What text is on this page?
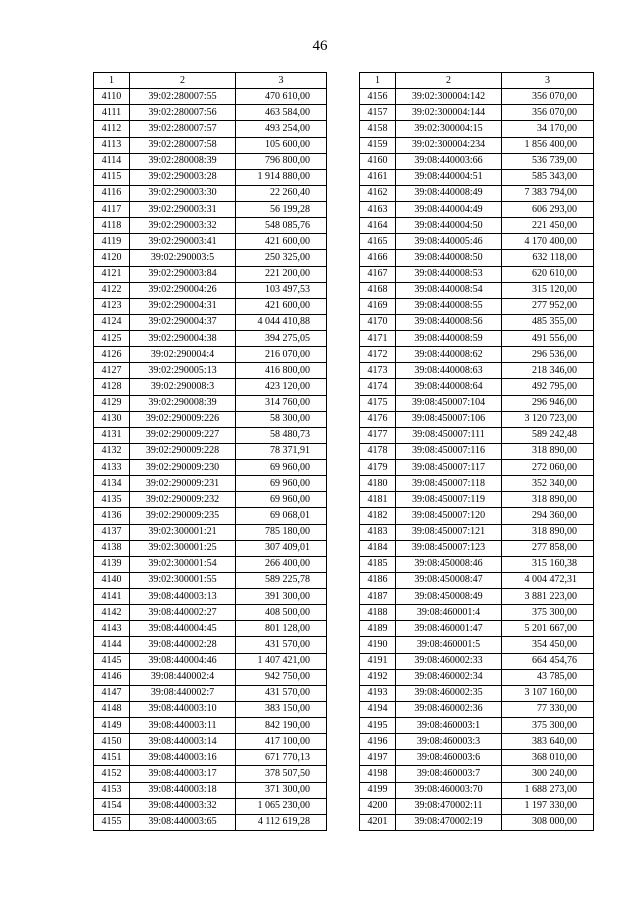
46
1	2	3
4110	39:02:280007:55	470 610,00
4111	39:02:280007:56	463 584,00
4112	39:02:280007:57	493 254,00
4113	39:02:280007:58	105 600,00
4114	39:02:280008:39	796 800,00
4115	39:02:290003:28	1 914 880,00
4116	39:02:290003:30	22 260,40
4117	39:02:290003:31	56 199,28
4118	39:02:290003:32	548 085,76
4119	39:02:290003:41	421 600,00
4120	39:02:290003:5	250 325,00
4121	39:02:290003:84	221 200,00
4122	39:02:290004:26	103 497,53
4123	39:02:290004:31	421 600,00
4124	39:02:290004:37	4 044 410,88
4125	39:02:290004:38	394 275,05
4126	39:02:290004:4	216 070,00
4127	39:02:290005:13	416 800,00
4128	39:02:290008:3	423 120,00
4129	39:02:290008:39	314 760,00
4130	39:02:290009:226	58 300,00
4131	39:02:290009:227	58 480,73
4132	39:02:290009:228	78 371,91
4133	39:02:290009:230	69 960,00
4134	39:02:290009:231	69 960,00
4135	39:02:290009:232	69 960,00
4136	39:02:290009:235	69 068,01
4137	39:02:300001:21	785 180,00
4138	39:02:300001:25	307 409,01
4139	39:02:300001:54	266 400,00
4140	39:02:300001:55	589 225,78
4141	39:08:440003:13	391 300,00
4142	39:08:440002:27	408 500,00
4143	39:08:440004:45	801 128,00
4144	39:08:440002:28	431 570,00
4145	39:08:440004:46	1 407 421,00
4146	39:08:440002:4	942 750,00
4147	39:08:440002:7	431 570,00
4148	39:08:440003:10	383 150,00
4149	39:08:440003:11	842 190,00
4150	39:08:440003:14	417 100,00
4151	39:08:440003:16	671 770,13
4152	39:08:440003:17	378 507,50
4153	39:08:440003:18	371 300,00
4154	39:08:440003:32	1 065 230,00
4155	39:08:440003:65	4 112 619,28
1	2	3
4156	39:02:300004:142	356 070,00
4157	39:02:300004:144	356 070,00
4158	39:02:300004:15	34 170,00
4159	39:02:300004:234	1 856 400,00
4160	39:08:440003:66	536 739,00
4161	39:08:440004:51	585 343,00
4162	39:08:440008:49	7 383 794,00
4163	39:08:440004:49	606 293,00
4164	39:08:440004:50	221 450,00
4165	39:08:440005:46	4 170 400,00
4166	39:08:440008:50	632 118,00
4167	39:08:440008:53	620 610,00
4168	39:08:440008:54	315 120,00
4169	39:08:440008:55	277 952,00
4170	39:08:440008:56	485 355,00
4171	39:08:440008:59	491 556,00
4172	39:08:440008:62	296 536,00
4173	39:08:440008:63	218 346,00
4174	39:08:440008:64	492 795,00
4175	39:08:450007:104	296 946,00
4176	39:08:450007:106	3 120 723,00
4177	39:08:450007:111	589 242,48
4178	39:08:450007:116	318 890,00
4179	39:08:450007:117	272 060,00
4180	39:08:450007:118	352 340,00
4181	39:08:450007:119	318 890,00
4182	39:08:450007:120	294 360,00
4183	39:08:450007:121	318 890,00
4184	39:08:450007:123	277 858,00
4185	39:08:450008:46	315 160,38
4186	39:08:450008:47	4 004 472,31
4187	39:08:450008:49	3 881 223,00
4188	39:08:460001:4	375 300,00
4189	39:08:460001:47	5 201 667,00
4190	39:08:460001:5	354 450,00
4191	39:08:460002:33	664 454,76
4192	39:08:460002:34	43 785,00
4193	39:08:460002:35	3 107 160,00
4194	39:08:460002:36	77 330,00
4195	39:08:460003:1	375 300,00
4196	39:08:460003:3	383 640,00
4197	39:08:460003:6	368 010,00
4198	39:08:460003:7	300 240,00
4199	39:08:460003:70	1 688 273,00
4200	39:08:470002:11	1 197 330,00
4201	39:08:470002:19	308 000,00
